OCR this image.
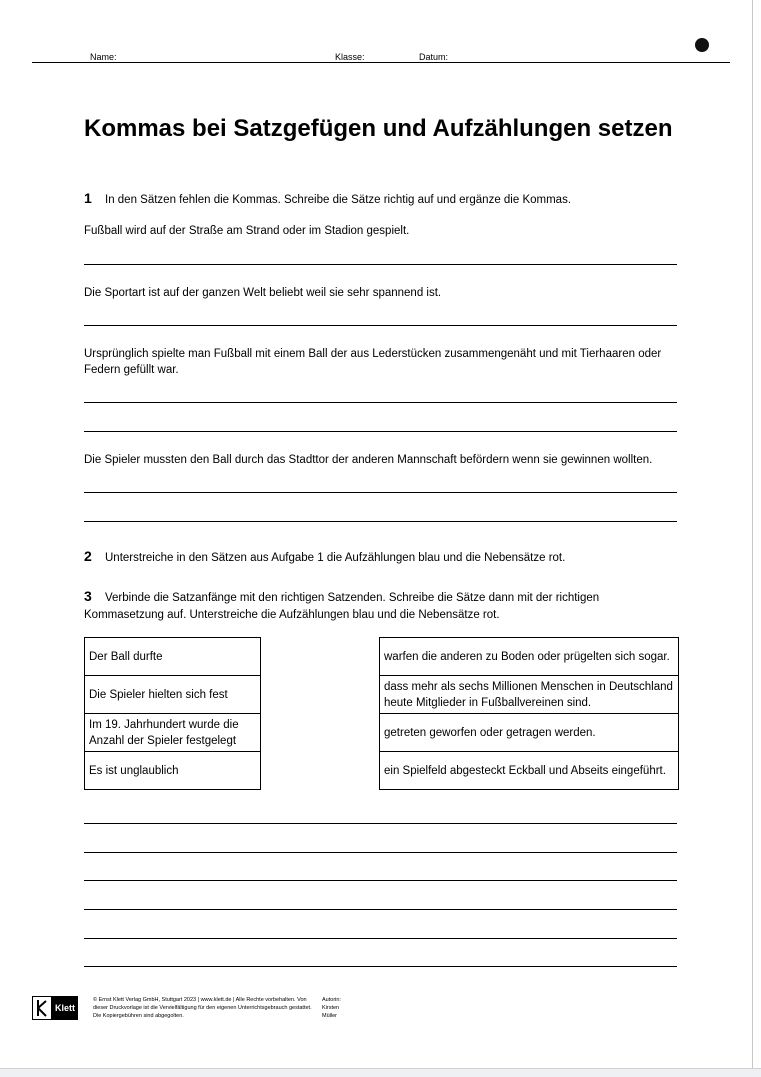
Name:	Klasse:	Datum:
Kommas bei Satzgefügen und Aufzählungen setzen
1 In den Sätzen fehlen die Kommas. Schreibe die Sätze richtig auf und ergänze die Kommas.
Fußball wird auf der Straße am Strand oder im Stadion gespielt.
Die Sportart ist auf der ganzen Welt beliebt weil sie sehr spannend ist.
Ursprünglich spielte man Fußball mit einem Ball der aus Lederstücken zusammengenäht und mit Tierhaaren oder Federn gefüllt war.
Die Spieler mussten den Ball durch das Stadttor der anderen Mannschaft befördern wenn sie gewinnen wollten.
2 Unterstreiche in den Sätzen aus Aufgabe 1 die Aufzählungen blau und die Nebensätze rot.
3 Verbinde die Satzanfänge mit den richtigen Satzenden. Schreibe die Sätze dann mit der richtigen Kommasetzung auf. Unterstreiche die Aufzählungen blau und die Nebensätze rot.
Der Ball durfte
Die Spieler hielten sich fest
Im 19. Jahrhundert wurde die Anzahl der Spieler festgelegt
Es ist unglaublich
warfen die anderen zu Boden oder prügelten sich sogar.
dass mehr als sechs Millionen Menschen in Deutschland heute Mitglieder in Fußballvereinen sind.
getreten geworfen oder getragen werden.
ein Spielfeld abgesteckt Eckball und Abseits eingeführt.
Klett
© Ernst Klett Verlag GmbH, Stuttgart 2023 | www.klett.de | Alle Rechte vorbehalten. Von dieser Druckvorlage ist die Vervielfältigung für den eigenen Unterrichtsgebrauch gestattet. Die Kopiergebühren sind abgegolten.
Autorin: Kirsten Müller
